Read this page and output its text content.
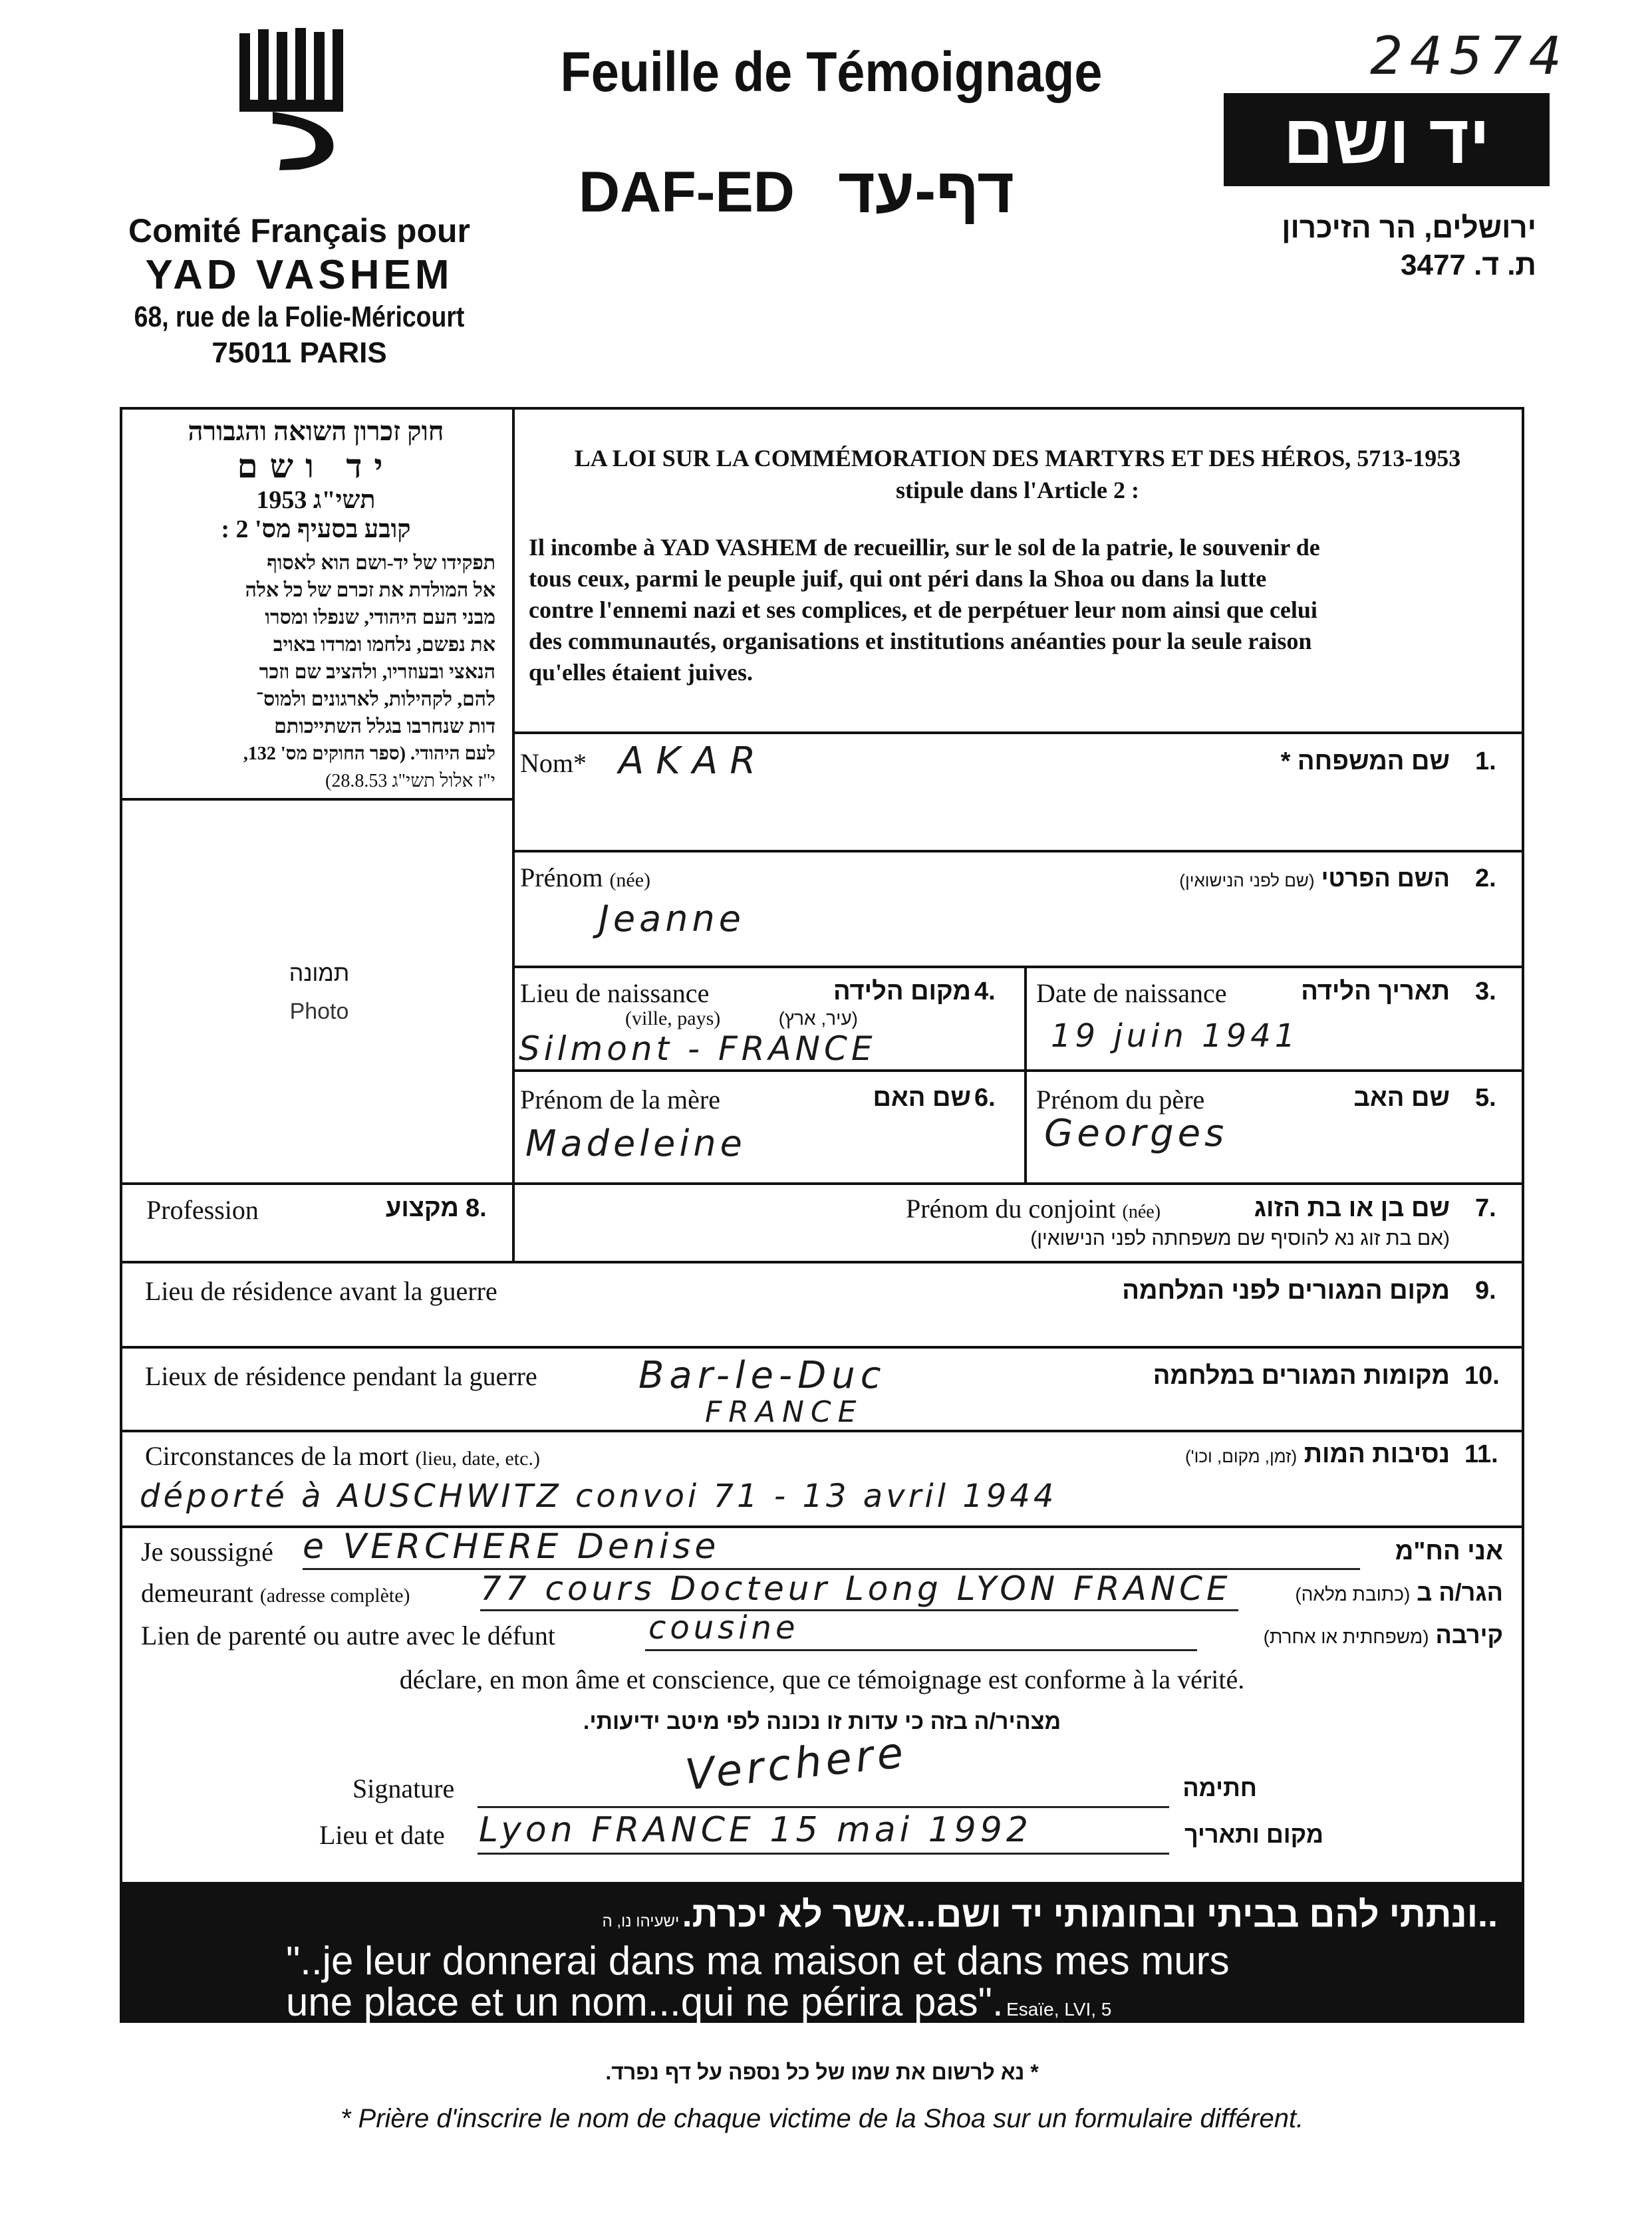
24574
Comité Français pour
YAD VASHEM
68, rue de la Folie-Méricourt
75011 PARIS
Feuille de Témoignage
DAF-ED דף-עד
יד ושם
ירושלים, הר הזיכרון
ת. ד. 3477
חוק זכרון השואה והגבורה
יד ושם
תשי"ג 1953
קובע בסעיף מס' 2 :
תפקידו של יד-ושם הוא לאסוף
אל המולדת את זכרם של כל אלה
מבני העם היהודי, שנפלו ומסרו
את נפשם, נלחמו ומרדו באויב
הנאצי ובעוזריו, ולהציב שם וזכר
להם, לקהילות, לארגונים ולמוס־
דות שנחרבו בגלל השתייכותם
לעם היהודי. (ספר החוקים מס' 132,
י"ז אלול תשי"ג 28.8.53)
LA LOI SUR LA COMMÉMORATION DES MARTYRS ET DES HÉROS, 5713-1953
stipule dans l'Article 2 :
Il incombe à YAD VASHEM de recueillir, sur le sol de la patrie, le souvenir de
tous ceux, parmi le peuple juif, qui ont péri dans la Shoa ou dans la lutte
contre l'ennemi nazi et ses complices, et de perpétuer leur nom ainsi que celui
des communautés, organisations et institutions anéanties pour la seule raison
qu'elles étaient juives.
תמונה
Photo
Nom* AKAR	שם המשפחה * 1.
Prénom (née)
Jeanne
השם הפרטי (שם לפני הנישואין)	2.
Lieu de naissance
(ville, pays)
מקום הלידה
(עיר, ארץ)
4.
Silmont - FRANCE
Date de naissance	תאריך הלידה 3.
19 juin 1941
Prénom de la mère	שם האם 6.
Madeleine
Prénom du père	שם האב 5.
Georges
Profession	מקצוע 8.	Prénom du conjoint (née)	שם בן או בת הזוג
(אם בת זוג נא להוסיף שם משפחתה לפני הנישואין)
7.
Lieu de résidence avant la guerre	מקום המגורים לפני המלחמה 9.
Lieux de résidence pendant la guerre	Bar-le-Duc
FRANCE
מקומות המגורים במלחמה 10.
Circonstances de la mort (lieu, date, etc.)	נסיבות המות (זמן, מקום, וכו')	11.
déporté à AUSCHWITZ convoi 71 - 13 avril 1944
Je soussigné e VERCHERE Denise	אני הח"מ
demeurant (adresse complète) 77 cours Docteur Long LYON FRANCE	הגר/ה ב (כתובת מלאה)
Lien de parenté ou autre avec le défunt	cousine	קירבה (משפחתית או אחרת)
déclare, en mon âme et conscience, que ce témoignage est conforme à la vérité.
מצהיר/ה בזה כי עדות זו נכונה לפי מיטב ידיעותי.
Signature	Verchere	חתימה
Lieu et date Lyon FRANCE 15 mai 1992	מקום ותאריך
..ונתתי להם בביתי ובחומותי יד ושם...אשר לא יכרת. ישעיהו נו, ה
"..je leur donnerai dans ma maison et dans mes murs
une place et un nom...qui ne périra pas". Esaïe, LVI, 5
* נא לרשום את שמו של כל נספה על דף נפרד.
* Prière d'inscrire le nom de chaque victime de la Shoa sur un formulaire différent.
